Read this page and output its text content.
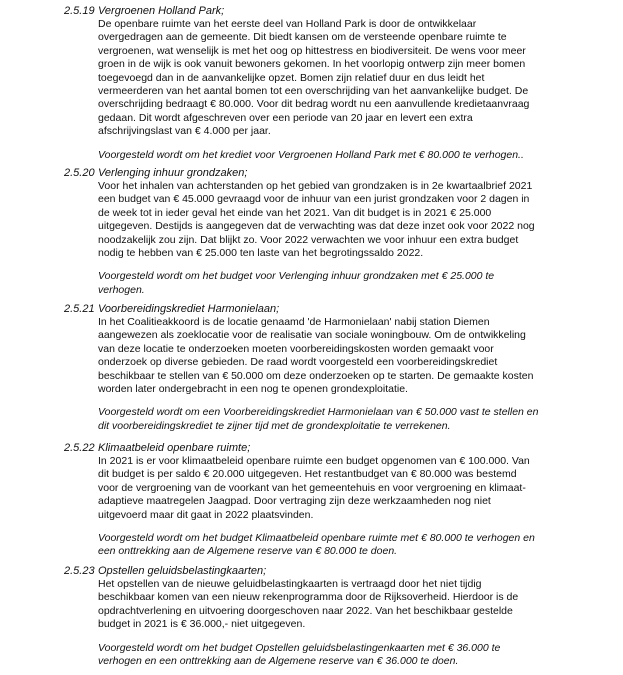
2.5.19 Vergroenen Holland Park;
De openbare ruimte van het eerste deel van Holland Park is door de ontwikkelaar
overgedragen aan de gemeente. Dit biedt kansen om de versteende openbare ruimte te
vergroenen, wat wenselijk is met het oog op hittestress en biodiversiteit. De wens voor meer
groen in de wijk is ook vanuit bewoners gekomen. In het voorlopig ontwerp zijn meer bomen
toegevoegd dan in de aanvankelijke opzet. Bomen zijn relatief duur en dus leidt het
vermeerderen van het aantal bomen tot een overschrijding van het aanvankelijke budget. De
overschrijding bedraagt € 80.000. Voor dit bedrag wordt nu een aanvullende kredietaanvraag
gedaan. Dit wordt afgeschreven over een periode van 20 jaar en levert een extra
afschrijvingslast van € 4.000 per jaar.
Voorgesteld wordt om het krediet voor Vergroenen Holland Park met € 80.000 te verhogen..
2.5.20 Verlenging inhuur grondzaken;
Voor het inhalen van achterstanden op het gebied van grondzaken is in 2e kwartaalbrief 2021
een budget van € 45.000 gevraagd voor de inhuur van een jurist grondzaken voor 2 dagen in
de week tot in ieder geval het einde van het 2021. Van dit budget is in 2021 € 25.000
uitgegeven. Destijds is aangegeven dat de verwachting was dat deze inzet ook voor 2022 nog
noodzakelijk zou zijn. Dat blijkt zo. Voor 2022 verwachten we voor inhuur een extra budget
nodig te hebben van € 25.000 ten laste van het begrotingssaldo 2022.
Voorgesteld wordt om het budget voor Verlenging inhuur grondzaken met € 25.000 te
verhogen.
2.5.21 Voorbereidingskrediet Harmonielaan;
In het Coalitieakkoord is de locatie genaamd 'de Harmonielaan' nabij station Diemen
aangewezen als zoeklocatie voor de realisatie van sociale woningbouw. Om de ontwikkeling
van deze locatie te onderzoeken moeten voorbereidingskosten worden gemaakt voor
onderzoek op diverse gebieden. De raad wordt voorgesteld een voorbereidingskrediet
beschikbaar te stellen van € 50.000 om deze onderzoeken op te starten. De gemaakte kosten
worden later ondergebracht in een nog te openen grondexploitatie.
Voorgesteld wordt om een Voorbereidingskrediet Harmonielaan van € 50.000 vast te stellen en
dit voorbereidingskrediet te zijner tijd met de grondexploitatie te verrekenen.
2.5.22 Klimaatbeleid openbare ruimte;
In 2021 is er voor klimaatbeleid openbare ruimte een budget opgenomen van € 100.000. Van
dit budget is per saldo € 20.000 uitgegeven. Het restantbudget van € 80.000 was bestemd
voor de vergroening van de voorkant van het gemeentehuis en voor vergroening en klimaat-
adaptieve maatregelen Jaagpad. Door vertraging zijn deze werkzaamheden nog niet
uitgevoerd maar dit gaat in 2022 plaatsvinden.
Voorgesteld wordt om het budget Klimaatbeleid openbare ruimte met € 80.000 te verhogen en
een onttrekking aan de Algemene reserve van € 80.000 te doen.
2.5.23 Opstellen geluidsbelastingkaarten;
Het opstellen van de nieuwe geluidbelastingkaarten is vertraagd door het niet tijdig
beschikbaar komen van een nieuw rekenprogramma door de Rijksoverheid. Hierdoor is de
opdrachtverlening en uitvoering doorgeschoven naar 2022. Van het beschikbaar gestelde
budget in 2021 is € 36.000,- niet uitgegeven.
Voorgesteld wordt om het budget Opstellen geluidsbelastingenkaarten met € 36.000 te
verhogen en een onttrekking aan de Algemene reserve van € 36.000 te doen.
